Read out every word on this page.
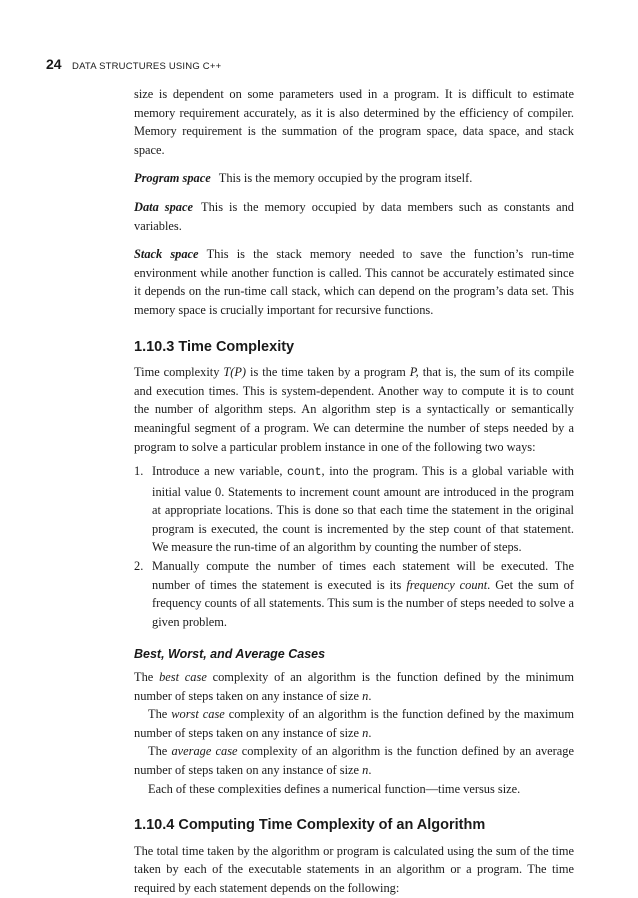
24 DATA STRUCTURES USING C++

size is dependent on some parameters used in a program. It is difficult to estimate memory requirement accurately, as it is also determined by the efficiency of compiler. Memory requirement is the summation of the program space, data space, and stack space.

Program space This is the memory occupied by the program itself.

Data space This is the memory occupied by data members such as constants and variables.

Stack space This is the stack memory needed to save the function’s run-time environment while another function is called. This cannot be accurately estimated since it depends on the run-time call stack, which can depend on the program’s data set. This memory space is crucially important for recursive functions.

1.10.3 Time Complexity

Time complexity T(P) is the time taken by a program P, that is, the sum of its compile and execution times. This is system-dependent. Another way to compute it is to count the number of algorithm steps. An algorithm step is a syntactically or semantically meaningful segment of a program. We can determine the number of steps needed by a program to solve a particular problem instance in one of the following two ways:

1. Introduce a new variable, count, into the program. This is a global variable with initial value 0. Statements to increment count amount are introduced in the program at appropriate locations. This is done so that each time the statement in the original program is executed, the count is incremented by the step count of that statement. We measure the run-time of an algorithm by counting the number of steps.
2. Manually compute the number of times each statement will be executed. The number of times the statement is executed is its frequency count. Get the sum of frequency counts of all statements. This sum is the number of steps needed to solve a given problem.
Best, Worst, and Average Cases

The best case complexity of an algorithm is the function defined by the minimum number of steps taken on any instance of size n.

The worst case complexity of an algorithm is the function defined by the maximum number of steps taken on any instance of size n.

The average case complexity of an algorithm is the function defined by an average number of steps taken on any instance of size n.

Each of these complexities defines a numerical function—time versus size.

1.10.4 Computing Time Complexity of an Algorithm

The total time taken by the algorithm or program is calculated using the sum of the time taken by each of the executable statements in an algorithm or a program. The time required by each statement depends on the following:
